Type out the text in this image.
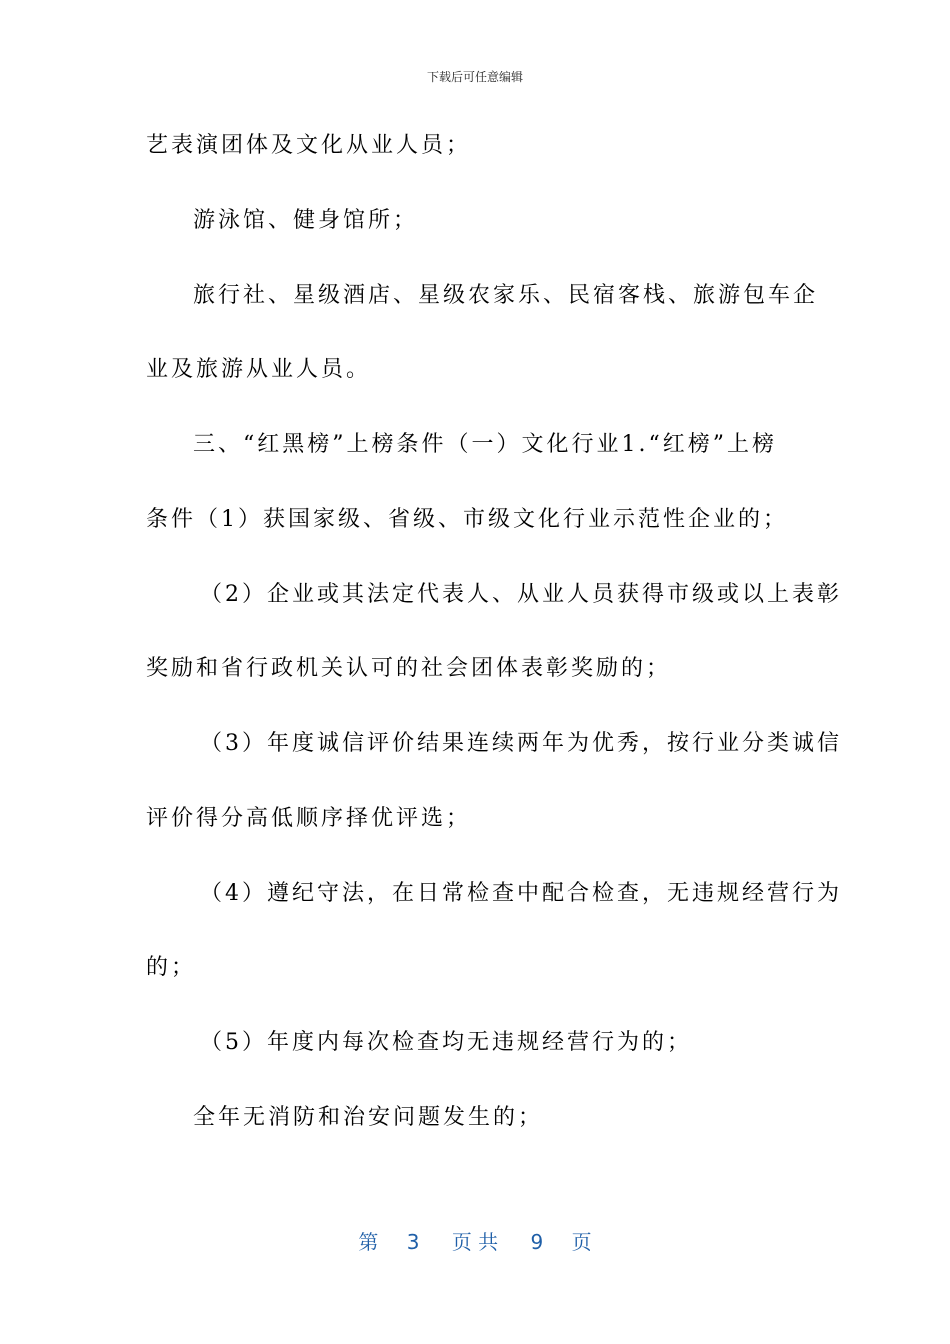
下载后可任意编辑

艺表演团体及文化从业人员；

游泳馆、健身馆所；

旅行社、星级酒店、星级农家乐、民宿客栈、旅游包车企

业及旅游从业人员。

三、“红黑榜”上榜条件（一）文化行业1.“红榜”上榜

条件（1）获国家级、省级、市级文化行业示范性企业的；

（2）企业或其法定代表人、从业人员获得市级或以上表彰

奖励和省行政机关认可的社会团体表彰奖励的；

（3）年度诚信评价结果连续两年为优秀，按行业分类诚信

评价得分高低顺序择优评选；

（4）遵纪守法，在日常检查中配合检查，无违规经营行为

的；

（5）年度内每次检查均无违规经营行为的；

全年无消防和治安问题发生的；

第 3 页 共 9 页
